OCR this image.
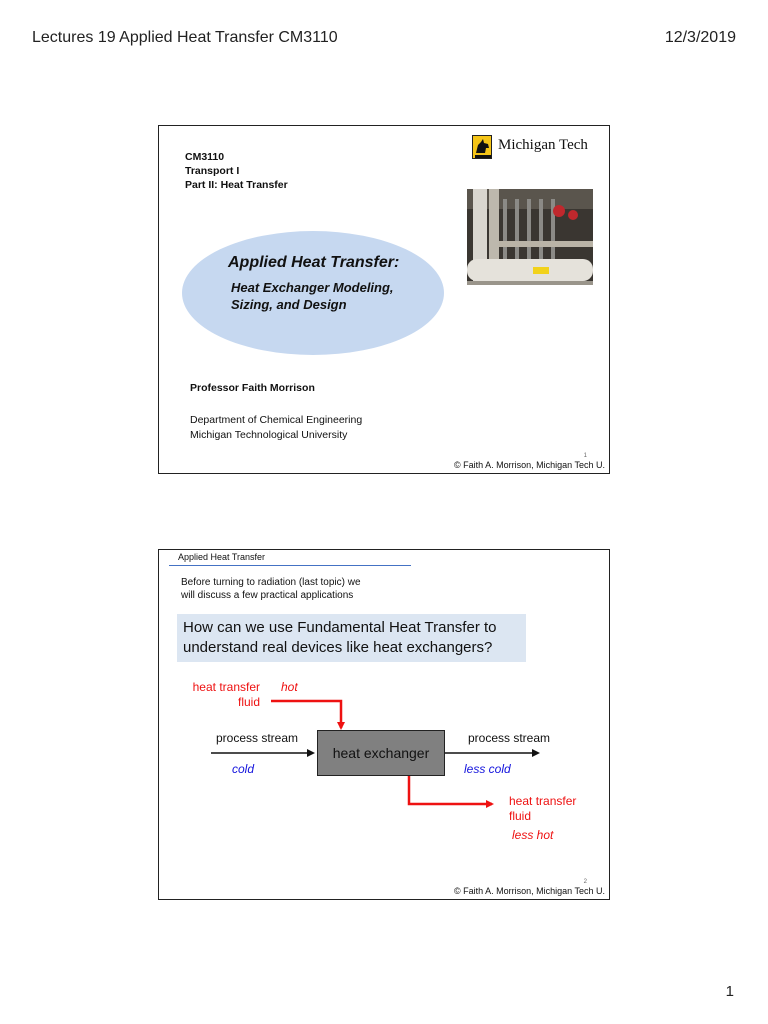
Lectures 19 Applied Heat Transfer CM3110	12/3/2019
CM3110
Transport I
Part II: Heat Transfer
Michigan Tech
Applied Heat Transfer:
Heat Exchanger Modeling,
Sizing, and Design
Professor Faith Morrison
Department of Chemical Engineering
Michigan Technological University
1
© Faith A. Morrison, Michigan Tech U.
Applied Heat Transfer
Before turning to radiation (last topic) we
will discuss a few practical applications
How can we use Fundamental Heat Transfer to
understand real devices like heat exchangers?
heat transfer
fluid
hot
process stream
cold
heat exchanger
process stream
less cold
heat transfer
fluid
less hot
2
© Faith A. Morrison, Michigan Tech U.
1
